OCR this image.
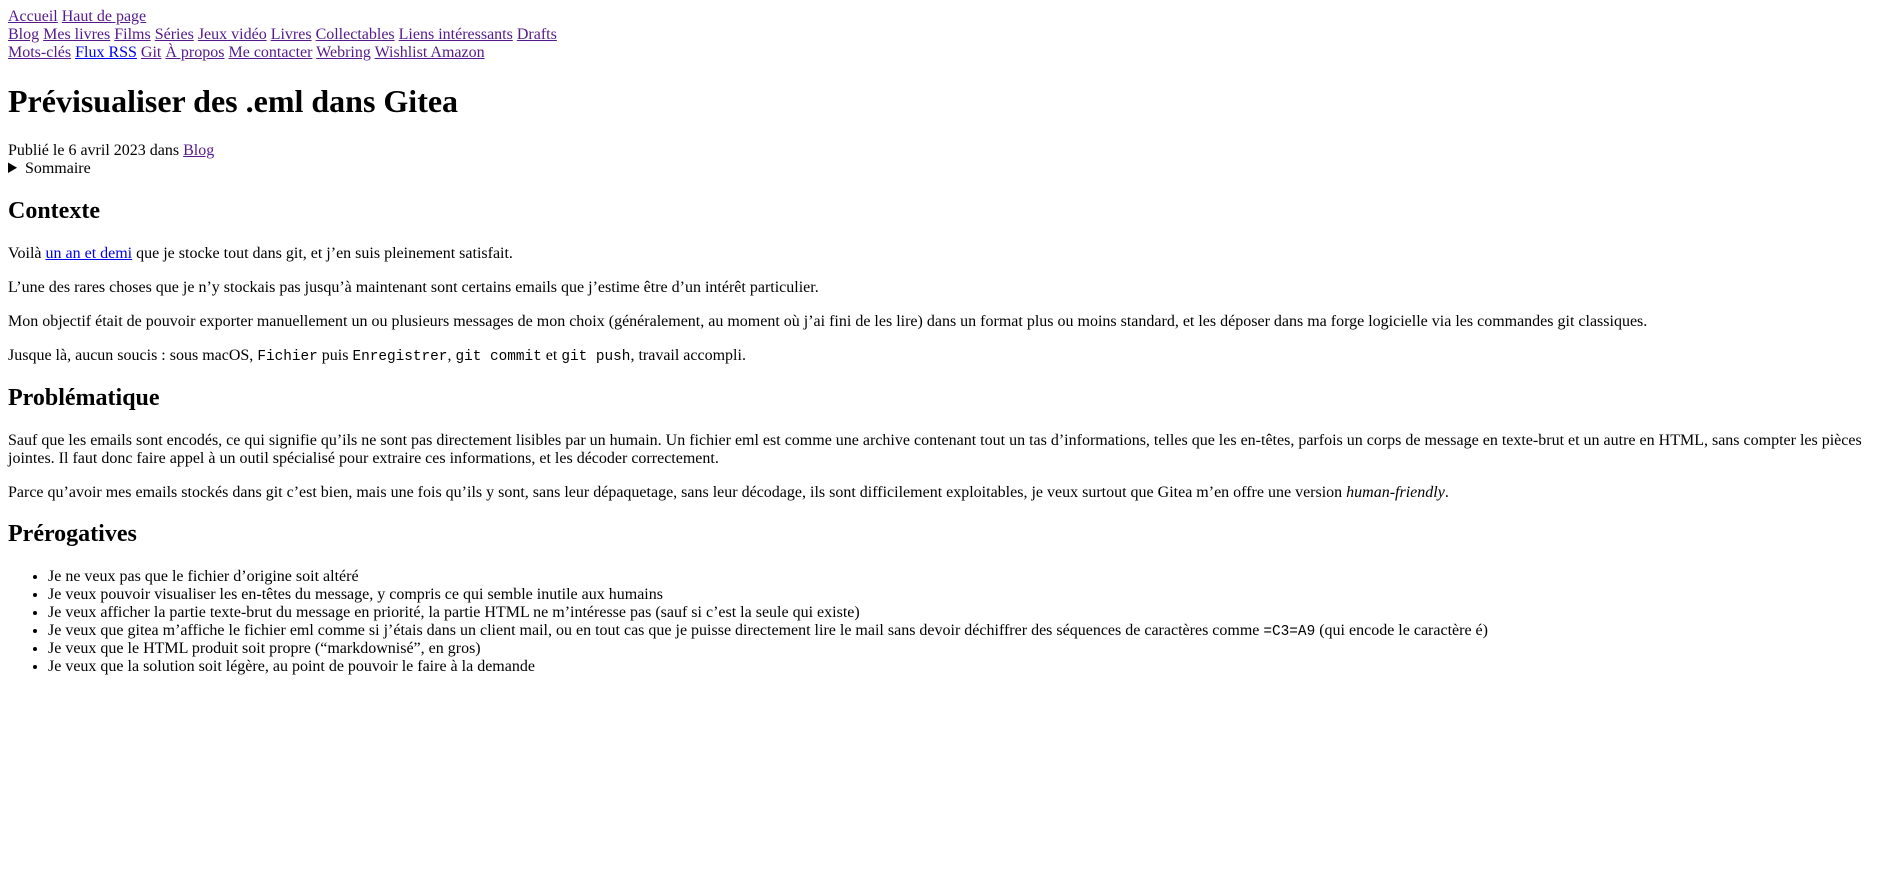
Accueil Haut de page
Blog Mes livres Films Séries Jeux vidéo Livres Collectables Liens intéressants Drafts
Mots-clés Flux RSS Git À propos Me contacter Webring Wishlist Amazon
Prévisualiser des .eml dans Gitea
Publié le 6 avril 2023 dans Blog
Sommaire
Contexte

Voilà un an et demi que je stocke tout dans git, et j’en suis pleinement satisfait.

L’une des rares choses que je n’y stockais pas jusqu’à maintenant sont certains emails que j’estime être d’un intérêt particulier.

Mon objectif était de pouvoir exporter manuellement un ou plusieurs messages de mon choix (généralement, au moment où j’ai fini de les lire) dans un format plus ou moins standard, et les déposer dans ma forge logicielle via les commandes git classiques.

Jusque là, aucun soucis : sous macOS, Fichier puis Enregistrer, git commit et git push, travail accompli.

Problématique

Sauf que les emails sont encodés, ce qui signifie qu’ils ne sont pas directement lisibles par un humain. Un fichier eml est comme une archive contenant tout un tas d’informations, telles que les en-têtes, parfois un corps de message en texte-brut et un autre en HTML, sans compter les pièces jointes. Il faut donc faire appel à un outil spécialisé pour extraire ces informations, et les décoder correctement.

Parce qu’avoir mes emails stockés dans git c’est bien, mais une fois qu’ils y sont, sans leur dépaquetage, sans leur décodage, ils sont difficilement exploitables, je veux surtout que Gitea m’en offre une version human-friendly.

Prérogatives
• Je ne veux pas que le fichier d’origine soit altéré
• Je veux pouvoir visualiser les en-têtes du message, y compris ce qui semble inutile aux humains
• Je veux afficher la partie texte-brut du message en priorité, la partie HTML ne m’intéresse pas (sauf si c’est la seule qui existe)
• Je veux que gitea m’affiche le fichier eml comme si j’étais dans un client mail, ou en tout cas que je puisse directement lire le mail sans devoir déchiffrer des séquences de caractères comme =C3=A9 (qui encode le caractère é)
• Je veux que le HTML produit soit propre (“markdownisé”, en gros)
• Je veux que la solution soit légère, au point de pouvoir le faire à la demande
